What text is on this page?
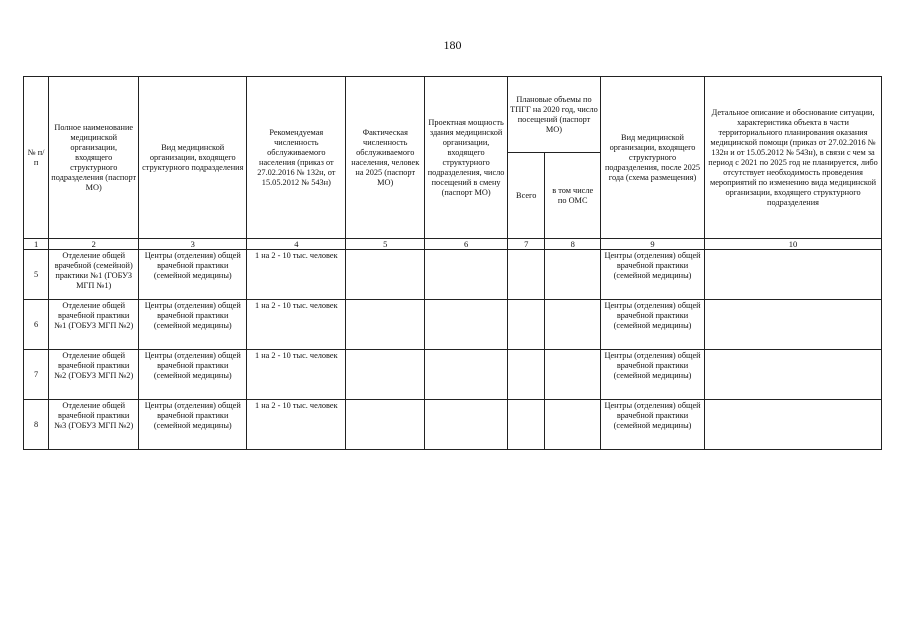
180
№ п/п	Полное наименование медицинской организации, входящего структурного подразделения (паспорт МО)	Вид медицинской организации, входящего структурного подразделения	Рекомендуемая численность обслуживаемого населения (приказ от 27.02.2016 № 132н, от 15.05.2012 № 543н)	Фактическая численность обслуживаемого населения, человек на 2025 (паспорт МО)	Проектная мощность здания медицинской организации, входящего структурного подразделения, число посещений в смену (паспорт МО)	Плановые объемы по ТПГГ на 2020 год, число посещений (паспорт МО)		Вид медицинской организации, входящего структурного подразделения, после 2025 года (схема размещения)	Детальное описание и обоснование ситуации, характеристика объекта в части территориального планирования оказания медицинской помощи (приказ от 27.02.2016 № 132н и от 15.05.2012 № 543н), в связи с чем за период с 2021 по 2025 год не планируется, либо отсутствует необходимость проведения мероприятий по изменению вида медицинской организации, входящего структурного подразделения
						Всего	в том числе по ОМС		
1	2	3	4	5	6	7	8	9	10
5	Отделение общей врачебной (семейной) практики №1 (ГОБУЗ МГП №1)	Центры (отделения) общей врачебной практики (семейной медицины)	1 на 2 - 10 тыс. человек					Центры (отделения) общей врачебной практики (семейной медицины)	
6	Отделение общей врачебной практики №1 (ГОБУЗ МГП №2)	Центры (отделения) общей врачебной практики (семейной медицины)	1 на 2 - 10 тыс. человек					Центры (отделения) общей врачебной практики (семейной медицины)	
7	Отделение общей врачебной практики №2 (ГОБУЗ МГП №2)	Центры (отделения) общей врачебной практики (семейной медицины)	1 на 2 - 10 тыс. человек					Центры (отделения) общей врачебной практики (семейной медицины)	
8	Отделение общей врачебной практики №3 (ГОБУЗ МГП №2)	Центры (отделения) общей врачебной практики (семейной медицины)	1 на 2 - 10 тыс. человек					Центры (отделения) общей врачебной практики (семейной медицины)	
